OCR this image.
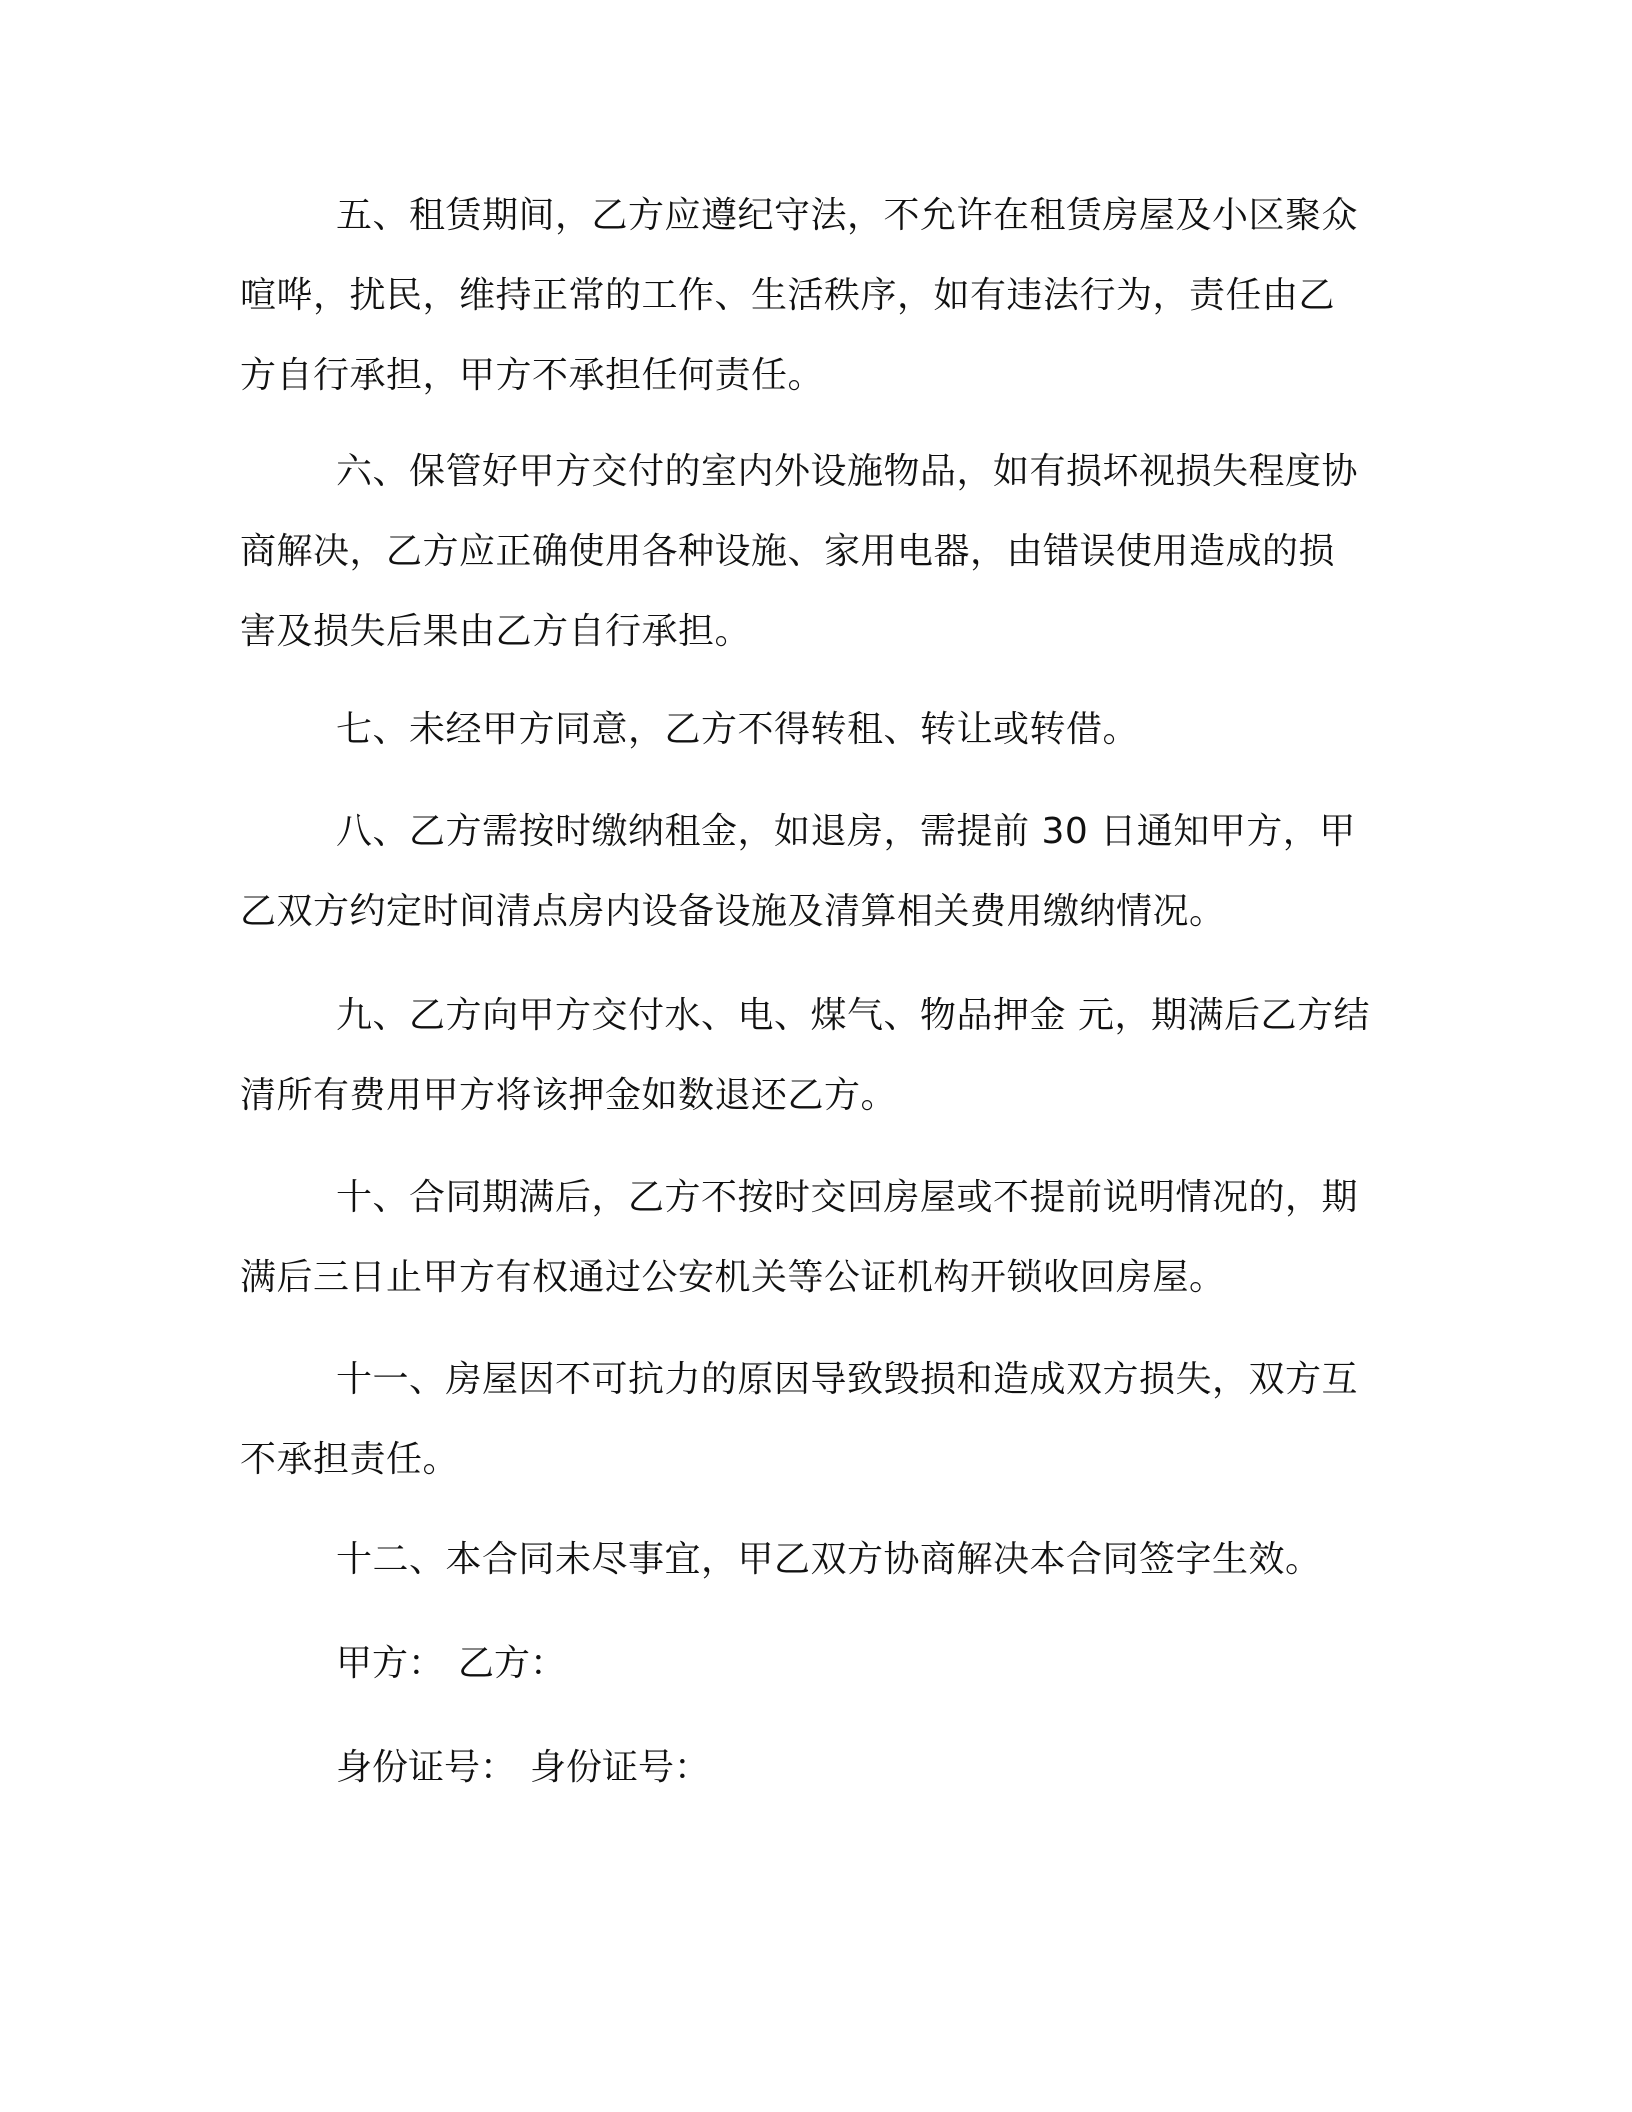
五、租赁期间，乙方应遵纪守法，不允许在租赁房屋及小区聚众
喧哗，扰民，维持正常的工作、生活秩序，如有违法行为，责任由乙
方自行承担，甲方不承担任何责任。
六、保管好甲方交付的室内外设施物品，如有损坏视损失程度协
商解决，乙方应正确使用各种设施、家用电器，由错误使用造成的损
害及损失后果由乙方自行承担。
七、未经甲方同意，乙方不得转租、转让或转借。
八、乙方需按时缴纳租金，如退房，需提前 30 日通知甲方，甲
乙双方约定时间清点房内设备设施及清算相关费用缴纳情况。
九、乙方向甲方交付水、电、煤气、物品押金 元，期满后乙方结
清所有费用甲方将该押金如数退还乙方。
十、合同期满后，乙方不按时交回房屋或不提前说明情况的，期
满后三日止甲方有权通过公安机关等公证机构开锁收回房屋。
十一、房屋因不可抗力的原因导致毁损和造成双方损失，双方互
不承担责任。
十二、本合同未尽事宜，甲乙双方协商解决本合同签字生效。

甲方： 乙方：

身份证号： 身份证号：
